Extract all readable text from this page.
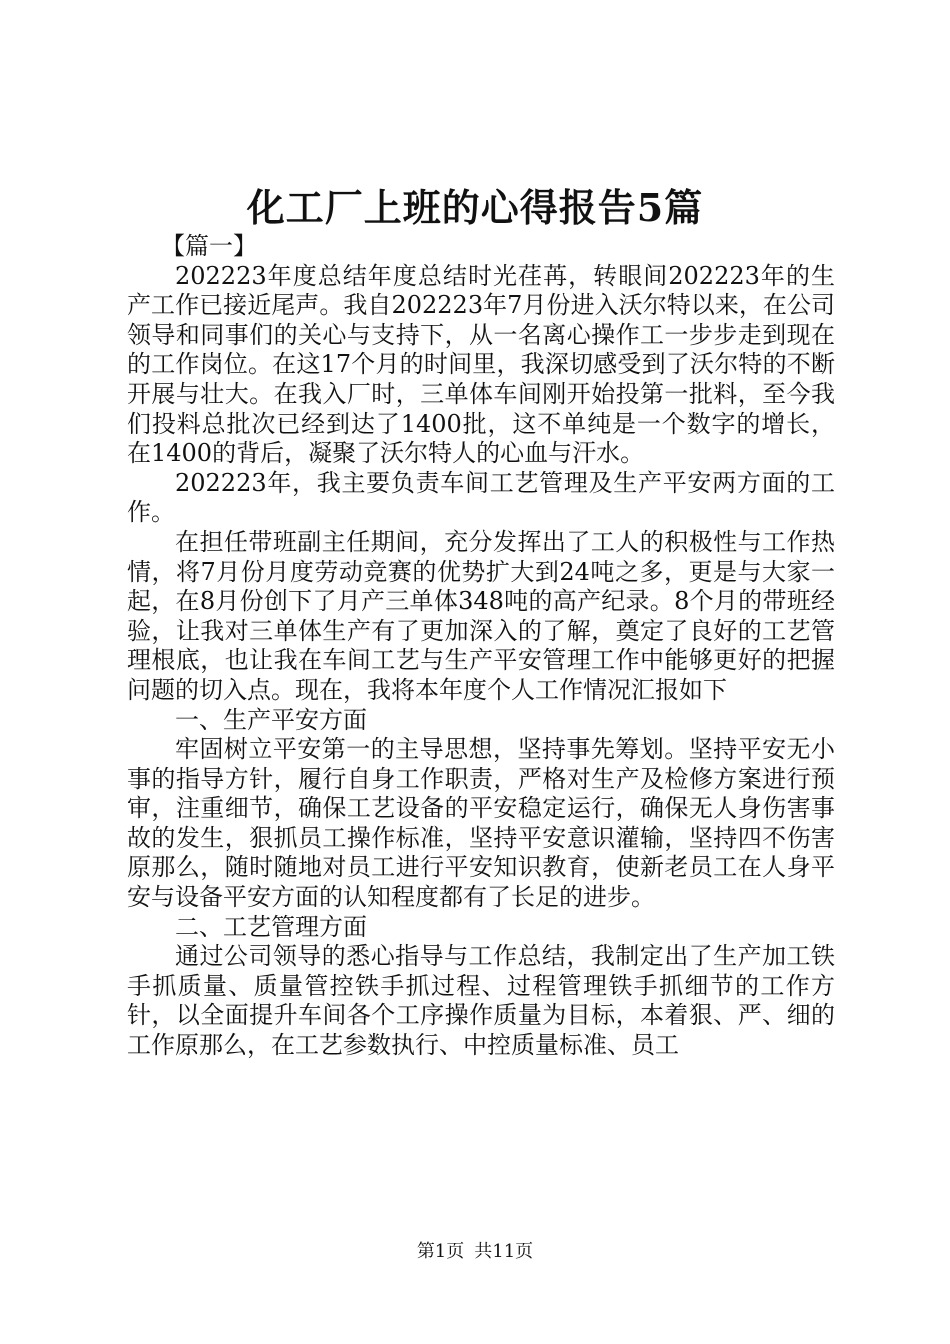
化工厂上班的心得报告5篇

【篇一】

202223年度总结年度总结时光荏苒，转眼间202223年的生产工作已接近尾声。我自202223年7月份进入沃尔特以来，在公司领导和同事们的关心与支持下，从一名离心操作工一步步走到现在的工作岗位。在这17个月的时间里，我深切感受到了沃尔特的不断开展与壮大。在我入厂时，三单体车间刚开始投第一批料，至今我们投料总批次已经到达了1400批，这不单纯是一个数字的增长，在1400的背后，凝聚了沃尔特人的心血与汗水。

202223年，我主要负责车间工艺管理及生产平安两方面的工作。

在担任带班副主任期间，充分发挥出了工人的积极性与工作热情，将7月份月度劳动竞赛的优势扩大到24吨之多，更是与大家一起，在8月份创下了月产三单体348吨的高产纪录。8个月的带班经验，让我对三单体生产有了更加深入的了解，奠定了良好的工艺管理根底，也让我在车间工艺与生产平安管理工作中能够更好的把握问题的切入点。现在，我将本年度个人工作情况汇报如下

一、生产平安方面

牢固树立平安第一的主导思想，坚持事先筹划。坚持平安无小事的指导方针，履行自身工作职责，严格对生产及检修方案进行预审，注重细节，确保工艺设备的平安稳定运行，确保无人身伤害事故的发生，狠抓员工操作标准，坚持平安意识灌输，坚持四不伤害原那么，随时随地对员工进行平安知识教育，使新老员工在人身平安与设备平安方面的认知程度都有了长足的进步。

二、工艺管理方面

通过公司领导的悉心指导与工作总结，我制定出了生产加工铁手抓质量、质量管控铁手抓过程、过程管理铁手抓细节的工作方针，以全面提升车间各个工序操作质量为目标，本着狠、严、细的工作原那么，在工艺参数执行、中控质量标准、员工

第1页 共11页
